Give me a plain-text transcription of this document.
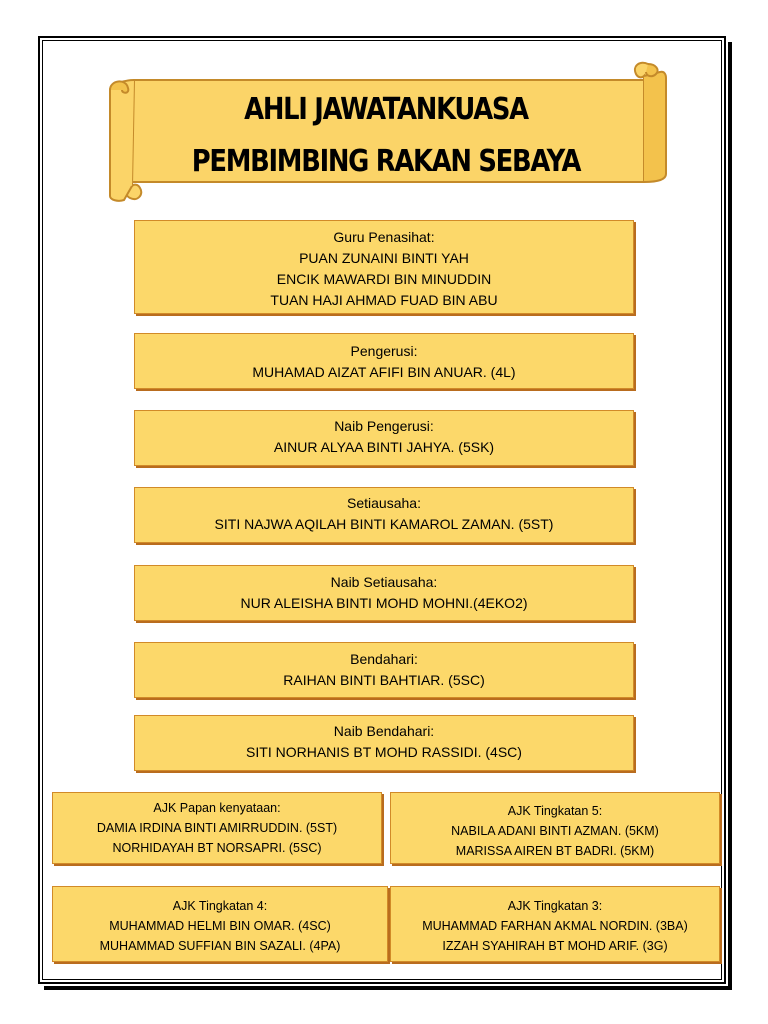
AHLI JAWATANKUASA
PEMBIMBING RAKAN SEBAYA
Guru Penasihat:
PUAN ZUNAINI BINTI YAH
ENCIK MAWARDI BIN MINUDDIN
TUAN HAJI AHMAD FUAD BIN ABU
Pengerusi:
MUHAMAD AIZAT AFIFI BIN ANUAR. (4L)
Naib Pengerusi:
AINUR ALYAA BINTI JAHYA. (5SK)
Setiausaha:
SITI NAJWA AQILAH BINTI KAMAROL ZAMAN. (5ST)
Naib Setiausaha:
NUR ALEISHA BINTI MOHD MOHNI.(4EKO2)
Bendahari:
RAIHAN BINTI BAHTIAR. (5SC)
Naib Bendahari:
SITI NORHANIS BT MOHD RASSIDI. (4SC)
AJK Papan kenyataan:
DAMIA IRDINA BINTI AMIRRUDDIN. (5ST)
NORHIDAYAH BT NORSAPRI. (5SC)
AJK Tingkatan 5:
NABILA ADANI BINTI AZMAN. (5KM)
MARISSA AIREN BT BADRI. (5KM)
AJK Tingkatan 4:
MUHAMMAD HELMI BIN OMAR. (4SC)
MUHAMMAD SUFFIAN BIN SAZALI. (4PA)
AJK Tingkatan 3:
MUHAMMAD FARHAN AKMAL NORDIN. (3BA)
IZZAH SYAHIRAH BT MOHD ARIF. (3G)
